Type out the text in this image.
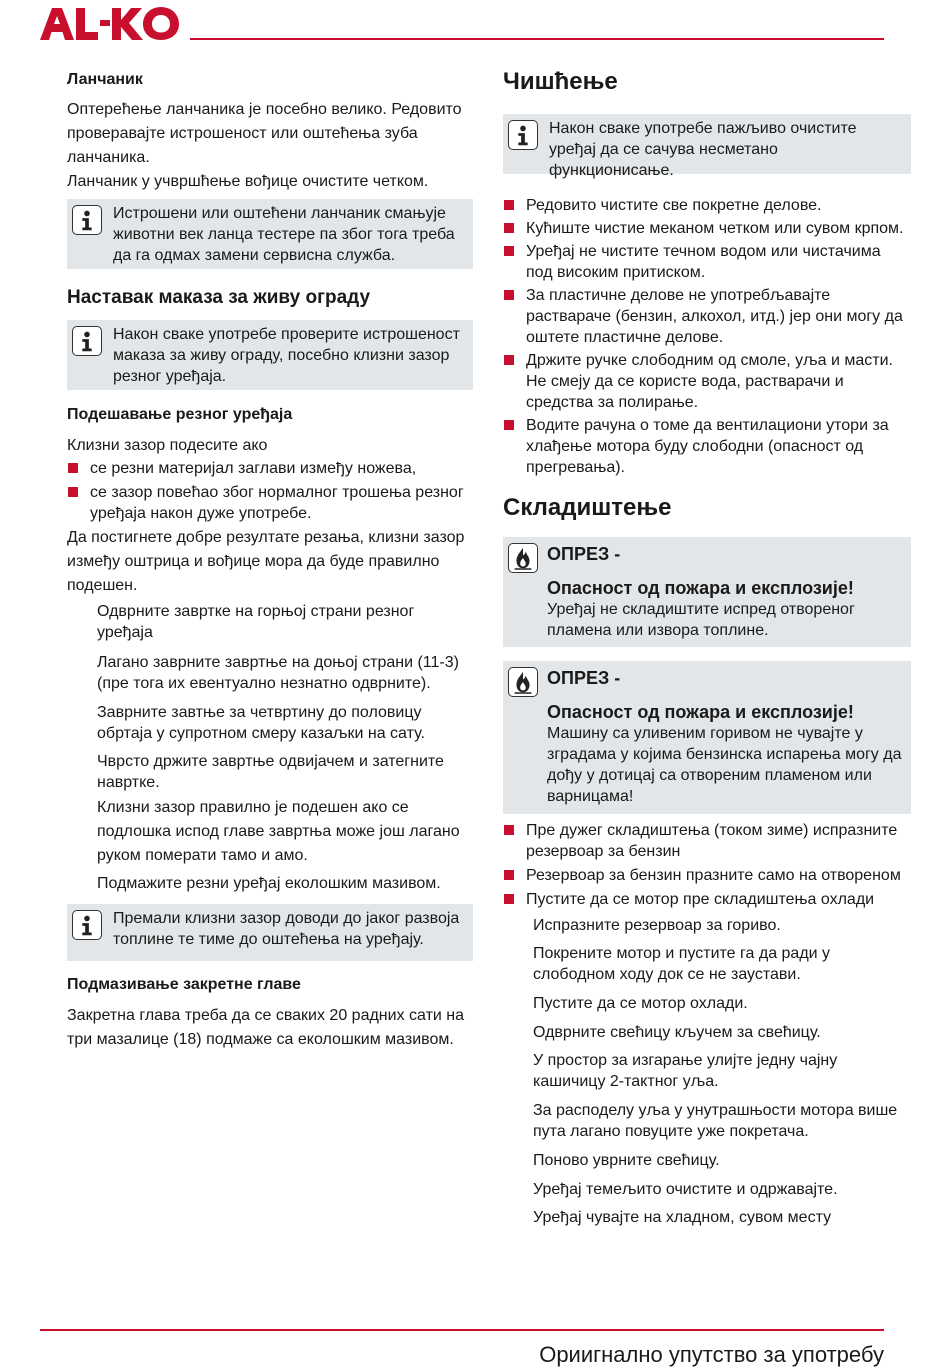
Ланчаник
Оптерећење ланчаника је посебно велико. Редовито проверавајте истрошеност или оштећења зуба ланчаника.
Ланчаник у учвршћење вођице очистите четком.
Истрошени или оштећени ланчаник смањује животни век ланца тестере па због тога треба да га одмах замени сервисна служба.
Наставак маказа за живу ограду
Након сваке употребе проверите истрошеност маказа за живу ограду, посебно клизни зазор резног уређаја.
Подешавање резног уређаја
Клизни зазор подесите ако
се резни материјал заглави између ножева,
се зазор повећао због нормалног трошења резног уређаја након дуже употребе.
Да постигнете добре резултате резања, клизни зазор између оштрица и вођице мора да буде правилно подешен.
Одврните завртке на горњој страни резног уређаја
Лагано заврните завртње на доњој страни (11-3) (пре тога их евентуално незнатно одврните).
Заврните завтње за четвртину до половицу обртаја у супротном смеру казаљки на сату.
Чврсто држите завртње одвијачем и затегните навртке.
Клизни зазор правилно је подешен ако се подлошка испод главе завртња може још лагано руком померати тамо и амо.
Подмажите резни уређај еколошким мазивом.
Премали клизни зазор доводи до јаког развоја топлине те тиме до оштећења на уређају.
Подмазивање закретне главе
Закретна глава треба да се сваких 20 радних сати на три мазалице (18) подмаже са еколошким мазивом.
Чишћење
Након сваке употребе пажљиво очистите уређај да се сачува несметано функционисање.
Редовито чистите све покретне делове.
Кућиште чистие меканом четком или сувом крпом.
Уређај не чистите течном водом или чистачима под високим притиском.
За пластичне делове не употребљавајте раствараче (бензин, алкохол, итд.) јер они могу да оштете пластичне делове.
Држите ручке слободним од смоле, уља и масти. Не смеју да се користе вода, растварачи и средства за полирање.
Водите рачуна о томе да вентилациони утори за хлађење мотора буду слободни (опасност од прегревања).
Складиштење
ОПРЕЗ -
Опасност од пожара и експлозије!
Уређај не складиштите испред отвореног пламена или извора топлине.
ОПРЕЗ -
Опасност од пожара и експлозије!
Машину са уливеним горивом не чувајте у зградама у којима бензинска испарења могу да дођу у дотицај са отвореним пламеном или варницама!
Пре дужег складиштења (током зиме) испразните резервоар за бензин
Резервоар за бензин празните само на отвореном
Пустите да се мотор пре складиштења охлади
Испразните резервоар за гориво.
Покрените мотор и пустите га да ради у слободном ходу док се не заустави.
Пустите да се мотор охлади.
Одврните свећицу кључем за свећицу.
У простор за изгарање улијте једну чајну кашичицу 2-тактног уља.
За расподелу уља у унутрашњости мотора више пута лагано повуците уже покретача.
Поново уврните свећицу.
Уређај темељито очистите и одржавајте.
Уређај чувајте на хладном, сувом месту
Ориигнално упутство за употребу
